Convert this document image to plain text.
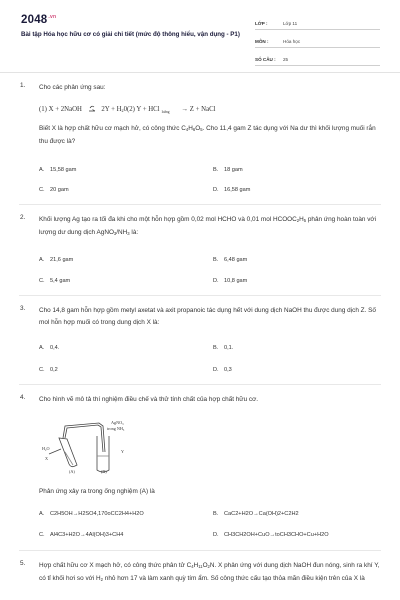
$2048^{.vn}$
Bài tập Hóa học hữu cơ có giải chi tiết (mức độ thông hiểu, vận dụng - P1)
LỚP :	Lớp 11
MÔN :	Hóa học
SỐ CÂU :	25
1. Cho các phản ứng sau:
(1) X + 2NaOH	$2Y + H_20(2) Y$ + HCl $_{loãng}$ → Z + NaCl
Biết X là hợp chất hữu cơ mạch hở, có công thức $C_4H_6O_5$. Cho 11,4 gam Z tác dụng với Na dư thì khối lượng muối rắn thu được là?
A. 15,58 gam	B. 18 gam
C. 20 gam	D. 16,58 gam
2. Khối lượng Ag tạo ra tối đa khi cho một hỗn hợp gồm 0,02 mol HCHO và 0,01 mol $HCOOC_2H_5$ phản ứng hoàn toàn với lượng dư dung dịch $AgNO_3/NH_3$ là:
A. 21,6 gam	B. 6,48 gam
C. 5,4 gam	D. 10,8 gam
3. Cho 14,8 gam hỗn hợp gồm metyl axetat và axit propanoic tác dụng hết với dung dịch NaOH thu được dung dịch Z. Số mol hỗn hợp muối có trong dung dịch X là:
A. 0,4.	B. 0,1.
C. 0,2	D. 0,3
4. Cho hình vẽ mô tả thí nghiệm điều chế và thử tính chất của hợp chất hữu cơ.
AgNO₃
trong NH₃
H₂O
X
Y
(A)	(B)
Phản ứng xảy ra trong ống nghiệm (A) là
A. C2H5OH→H2SO4,170oCC2H4+H2O	B. CaC2+H2O→Ca(OH)2+C2H2
C. Al4C3+H2O→4Al(OH)3+CH4	D. CH3CH2OH+CuO→toCH3CHO+Cu+H2O
5. Hợp chất hữu cơ X mạch hở, có công thức phân tử $C_4H_{11}O_2N$. X phản ứng với dung dịch NaOH đun nóng, sinh ra khí Y, có tỉ khối hơi so với $H_2$ nhỏ hơn 17 và làm xanh quỳ tím ẩm. Số công thức cấu tạo thỏa mãn điều kiện trên của X là
